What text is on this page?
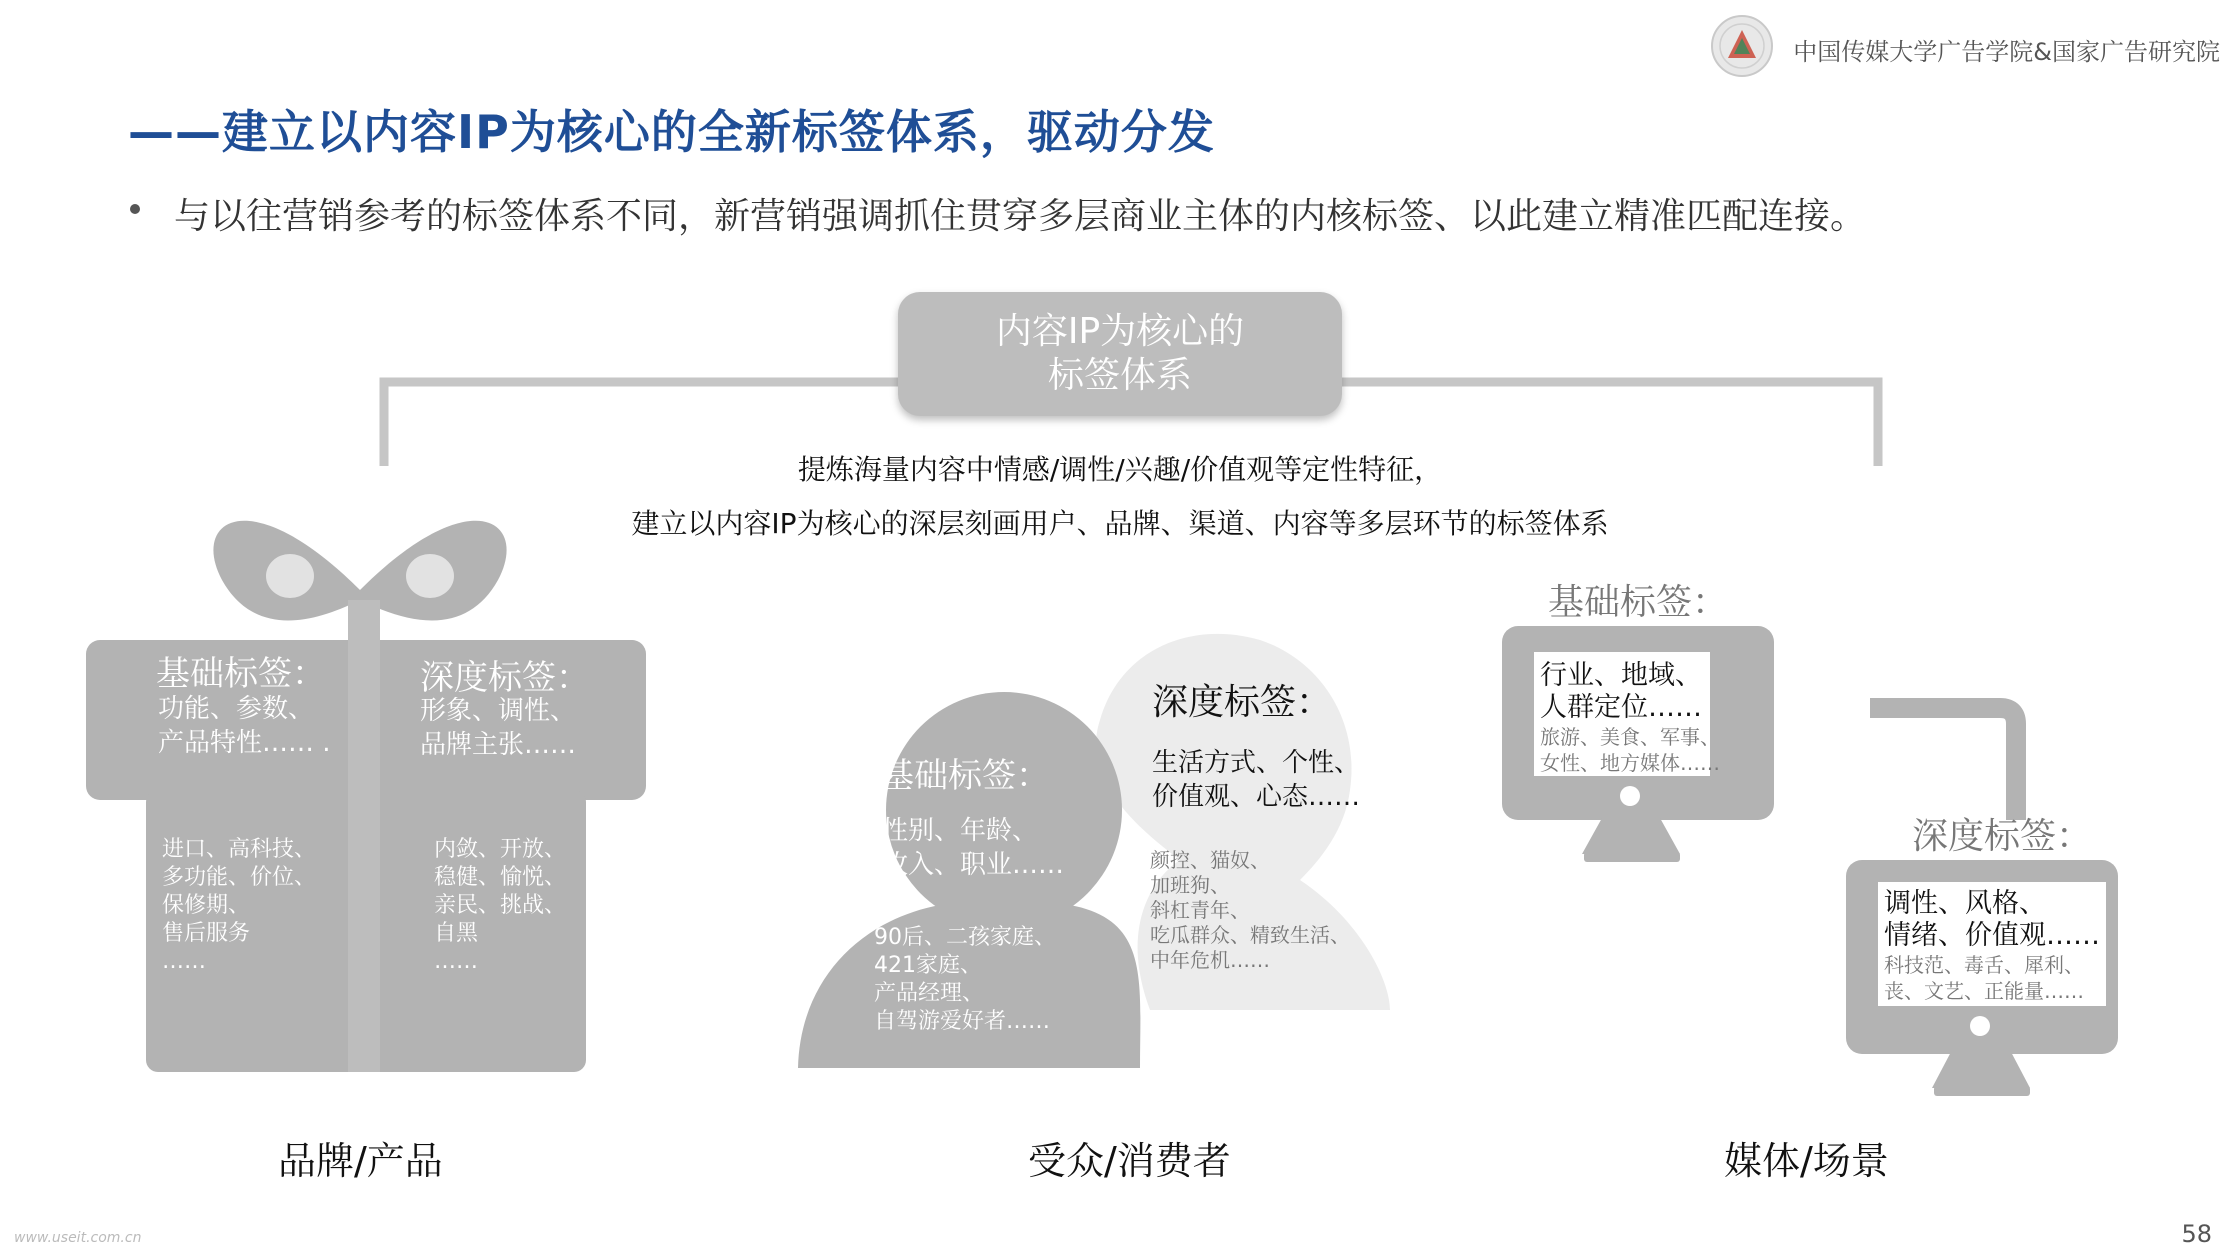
中国传媒大学广告学院&国家广告研究院
——建立以内容IP为核心的全新标签体系，驱动分发
与以往营销参考的标签体系不同，新营销强调抓住贯穿多层商业主体的内核标签、以此建立精准匹配连接。
内容IP为核心的
标签体系
提炼海量内容中情感/调性/兴趣/价值观等定性特征，
建立以内容IP为核心的深层刻画用户、品牌、渠道、内容等多层环节的标签体系
基础标签：
功能、参数、
产品特性…… .
深度标签：
形象、调性、
品牌主张……
进口、高科技、
多功能、价位、
保修期、
售后服务
……
内敛、开放、
稳健、愉悦、
亲民、挑战、
自黑
……
品牌/产品
基础标签：
性别、年龄、
收入、职业……
90后、二孩家庭、
421家庭、
产品经理、
自驾游爱好者……
深度标签：
生活方式、个性、
价值观、心态……
颜控、猫奴、
加班狗、
斜杠青年、
吃瓜群众、精致生活、
中年危机……
受众/消费者
基础标签：
行业、地域、
人群定位……
旅游、美食、军事、
女性、地方媒体……
深度标签：
调性、风格、
情绪、价值观……
科技范、毒舌、犀利、
丧、文艺、正能量……
媒体/场景
www.useit.com.cn	58
